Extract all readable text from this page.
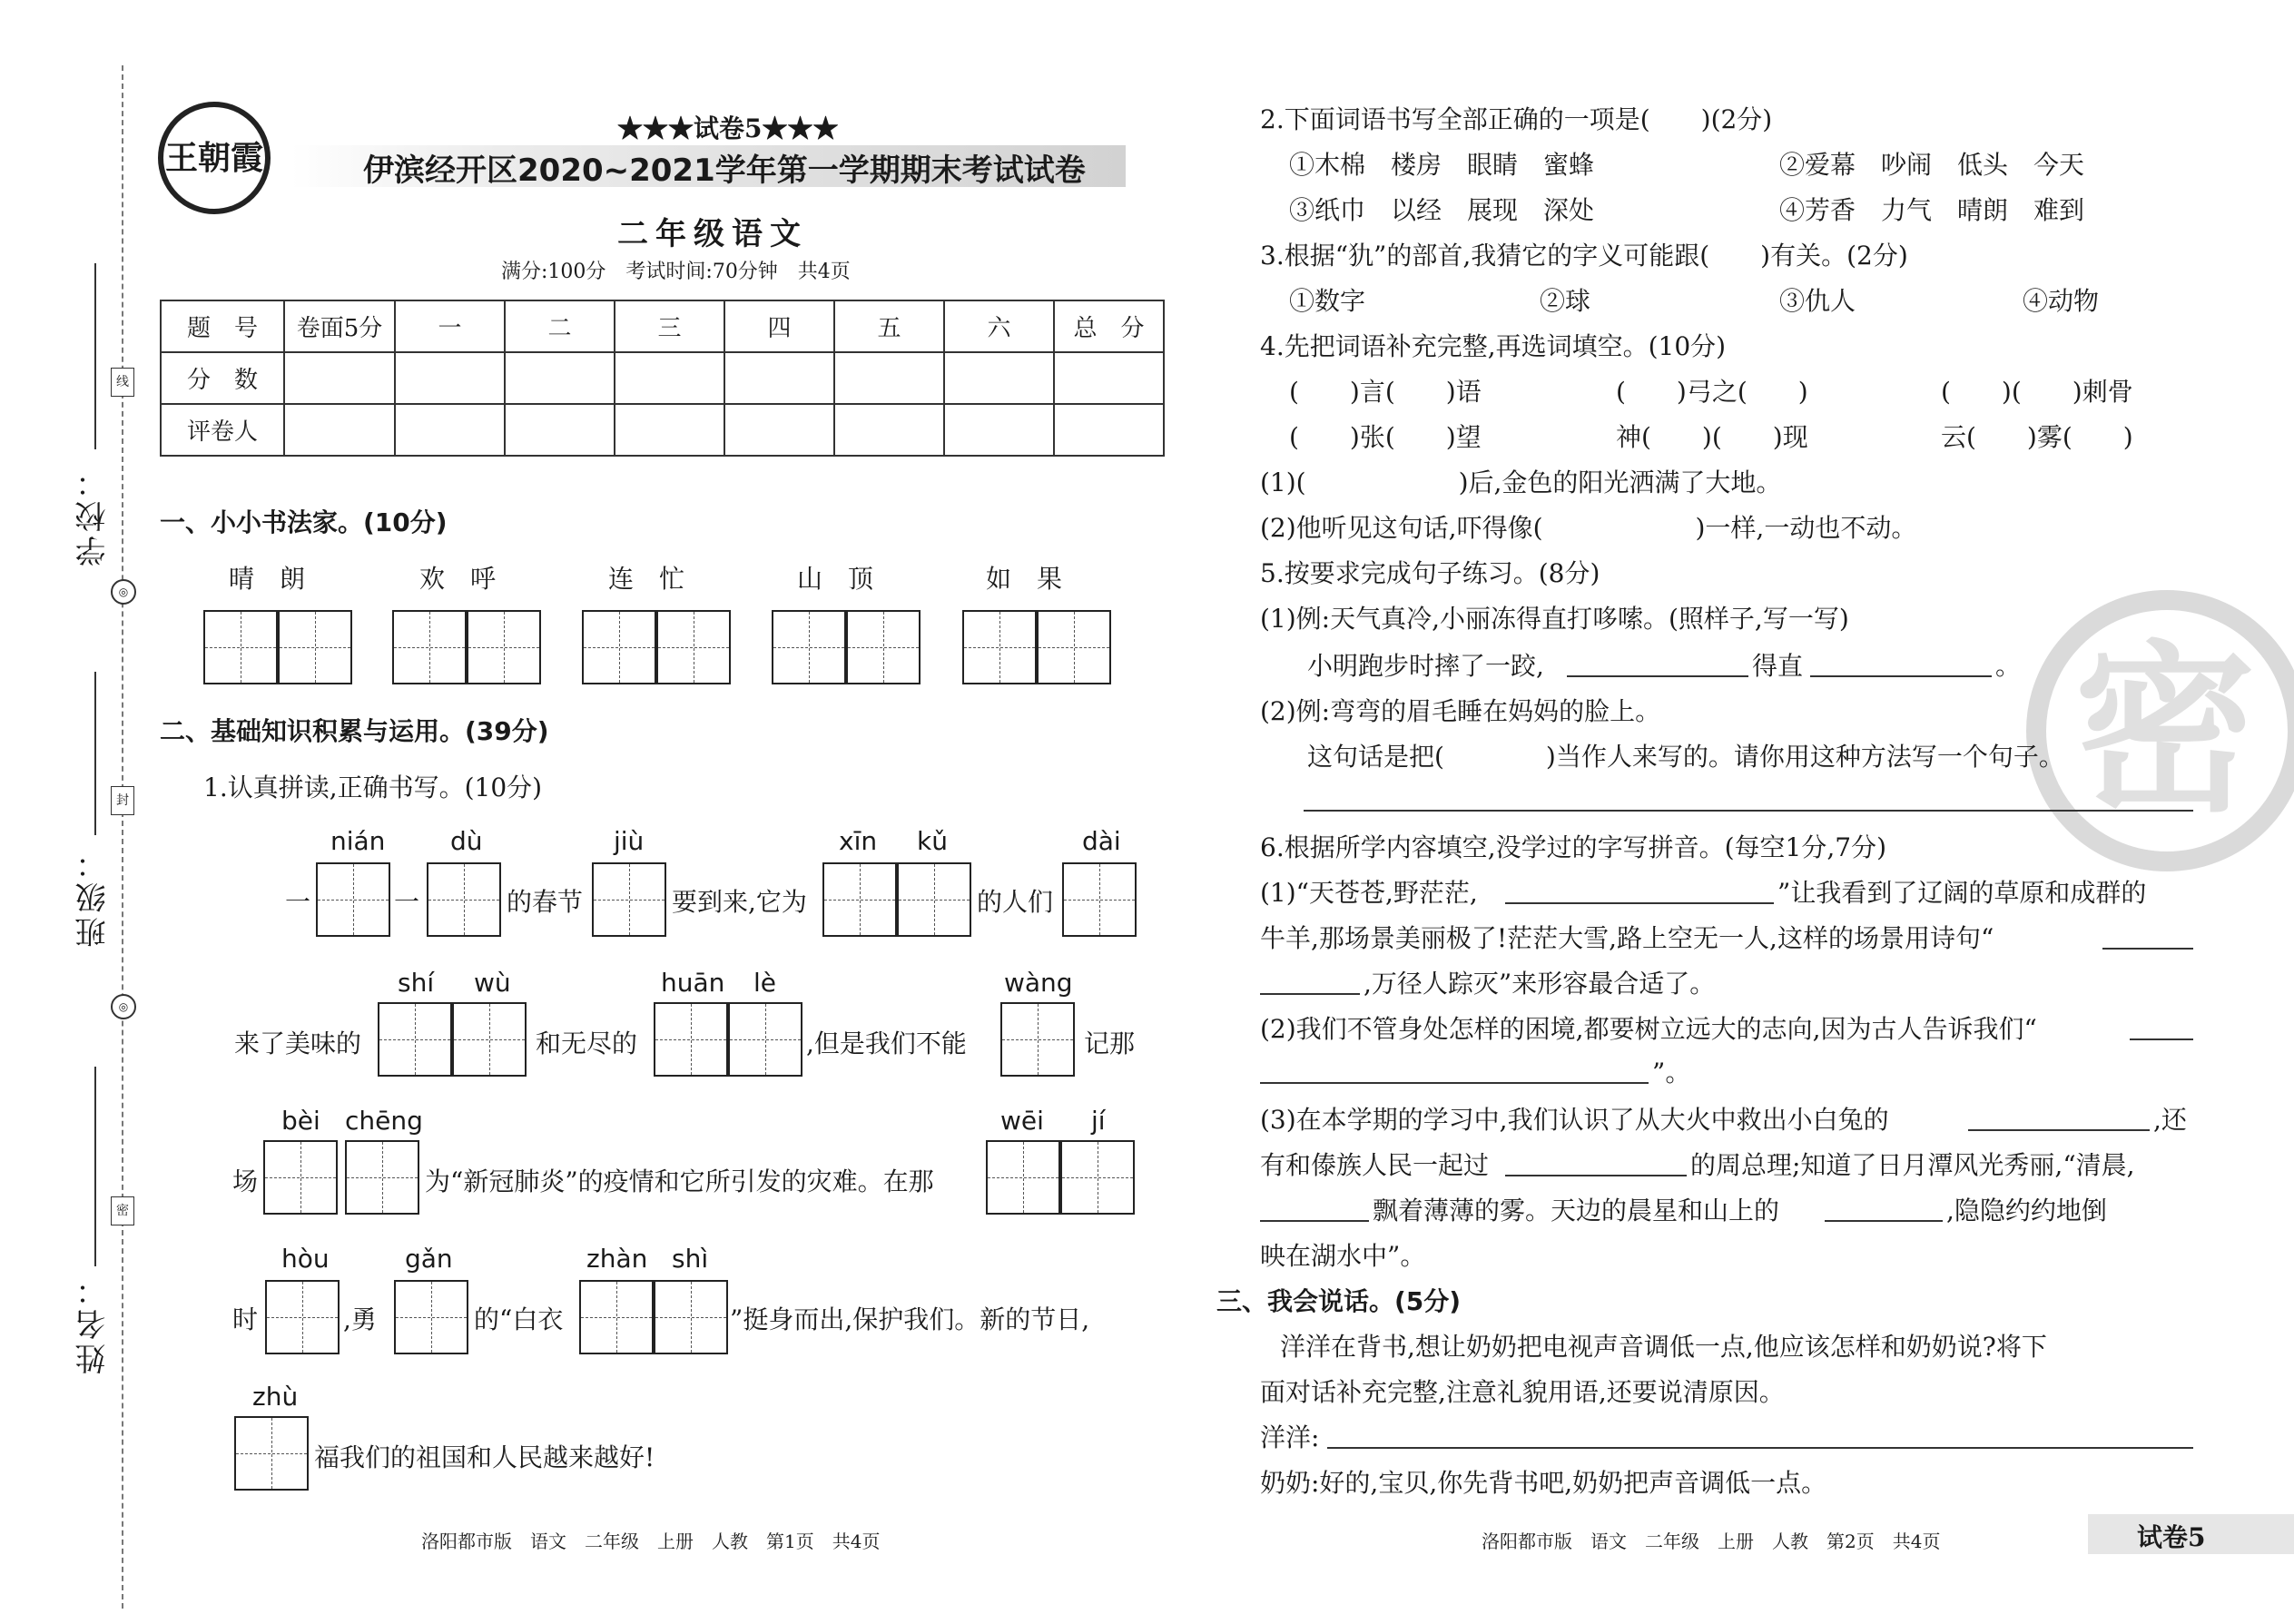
学校：
班级：
姓名：
线
封
密
◎
◎
王朝霞
★★★试卷5★★★
伊滨经开区2020~2021学年第一学期期末考试试卷
二年级语文
满分:100分　考试时间:70分钟　共4页
题　号	卷面5分	一	二	三	四	五	六	总　分
分　数								
评卷人								
一、小小书法家。(10分)
晴　朗	欢　呼	连　忙	山　顶	如　果
二、基础知识积累与运用。(39分)
1.认真拼读,正确书写。(10分)
nián	dù	jiù	xīn kǔ	dài
一	一	的春节	要到来,它为	的人们
shí wù	huān lè	wàng
来了美味的	和无尽的	,但是我们不能	记那
bèi chēng	wēi jí
场	为“新冠肺炎”的疫情和它所引发的灾难。在那
hòu	gǎn	zhàn shì
时	,勇	的“白衣	”挺身而出,保护我们。新的节日,
zhù
福我们的祖国和人民越来越好!
洛阳都市版　语文　二年级　上册　人教　第1页　共4页
密
2.下面词语书写全部正确的一项是(　　)(2分)
①木棉　楼房　眼睛　蜜蜂	②爱幕　吵闹　低头　今天
③纸巾　以经　展现　深处	④芳香　力气　晴朗　难到
3.根据“犰”的部首,我猜它的字义可能跟(　　)有关。(2分)
①数字	②球	③仇人	④动物
4.先把词语补充完整,再选词填空。(10分)
(　　)言(　　)语	(　　)弓之(　　)	(　　)(　　)刺骨
(　　)张(　　)望	神(　　)(　　)现	云(　　)雾(　　)
(1)(　　　　　　)后,金色的阳光洒满了大地。
(2)他听见这句话,吓得像(　　　　　　)一样,一动也不动。
5.按要求完成句子练习。(8分)
(1)例:天气真冷,小丽冻得直打哆嗦。(照样子,写一写)
小明跑步时摔了一跤,	得直	。
(2)例:弯弯的眉毛睡在妈妈的脸上。
这句话是把(　　　　)当作人来写的。请你用这种方法写一个句子。
6.根据所学内容填空,没学过的字写拼音。(每空1分,7分)
(1)“天苍苍,野茫茫,	”让我看到了辽阔的草原和成群的
牛羊,那场景美丽极了!茫茫大雪,路上空无一人,这样的场景用诗句“
,万径人踪灭”来形容最合适了。
(2)我们不管身处怎样的困境,都要树立远大的志向,因为古人告诉我们“
”。
(3)在本学期的学习中,我们认识了从大火中救出小白兔的	,还
有和傣族人民一起过	的周总理;知道了日月潭风光秀丽,“清晨,
飘着薄薄的雾。天边的晨星和山上的	,隐隐约约地倒
映在湖水中”。
三、我会说话。(5分)
洋洋在背书,想让奶奶把电视声音调低一点,他应该怎样和奶奶说?将下
面对话补充完整,注意礼貌用语,还要说清原因。
洋洋:
奶奶:好的,宝贝,你先背书吧,奶奶把声音调低一点。
洛阳都市版　语文　二年级　上册　人教　第2页　共4页	试卷5
